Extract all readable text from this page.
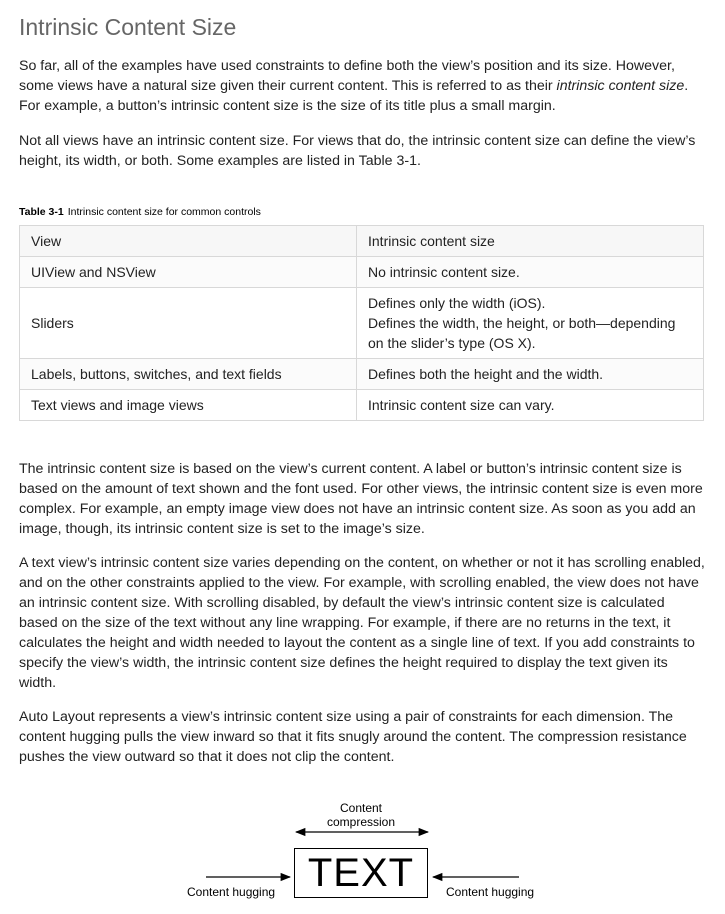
Intrinsic Content Size

So far, all of the examples have used constraints to define both the view’s position and its size. However, some views have a natural size given their current content. This is referred to as their intrinsic content size. For example, a button’s intrinsic content size is the size of its title plus a small margin.

Not all views have an intrinsic content size. For views that do, the intrinsic content size can define the view’s height, its width, or both. Some examples are listed in Table 3-1.

Table 3-1 Intrinsic content size for common controls
View	Intrinsic content size
UIView and NSView	No intrinsic content size.

Sliders	Defines only the width (iOS).
Defines the width, the height, or both—depending on the slider’s type (OS X).

Labels, buttons, switches, and text fields	Defines both the height and the width.

Text views and image views	Intrinsic content size can vary.

The intrinsic content size is based on the view’s current content. A label or button’s intrinsic content size is based on the amount of text shown and the font used. For other views, the intrinsic content size is even more complex. For example, an empty image view does not have an intrinsic content size. As soon as you add an image, though, its intrinsic content size is set to the image’s size.

A text view’s intrinsic content size varies depending on the content, on whether or not it has scrolling enabled, and on the other constraints applied to the view. For example, with scrolling enabled, the view does not have an intrinsic content size. With scrolling disabled, by default the view’s intrinsic content size is calculated based on the size of the text without any line wrapping. For example, if there are no returns in the text, it calculates the height and width needed to layout the content as a single line of text. If you add constraints to specify the view’s width, the intrinsic content size defines the height required to display the text given its width.

Auto Layout represents a view’s intrinsic content size using a pair of constraints for each dimension. The content hugging pulls the view inward so that it fits snugly around the content. The compression resistance pushes the view outward so that it does not clip the content.

Content
compression
TEXT
Content hugging	Content hugging
